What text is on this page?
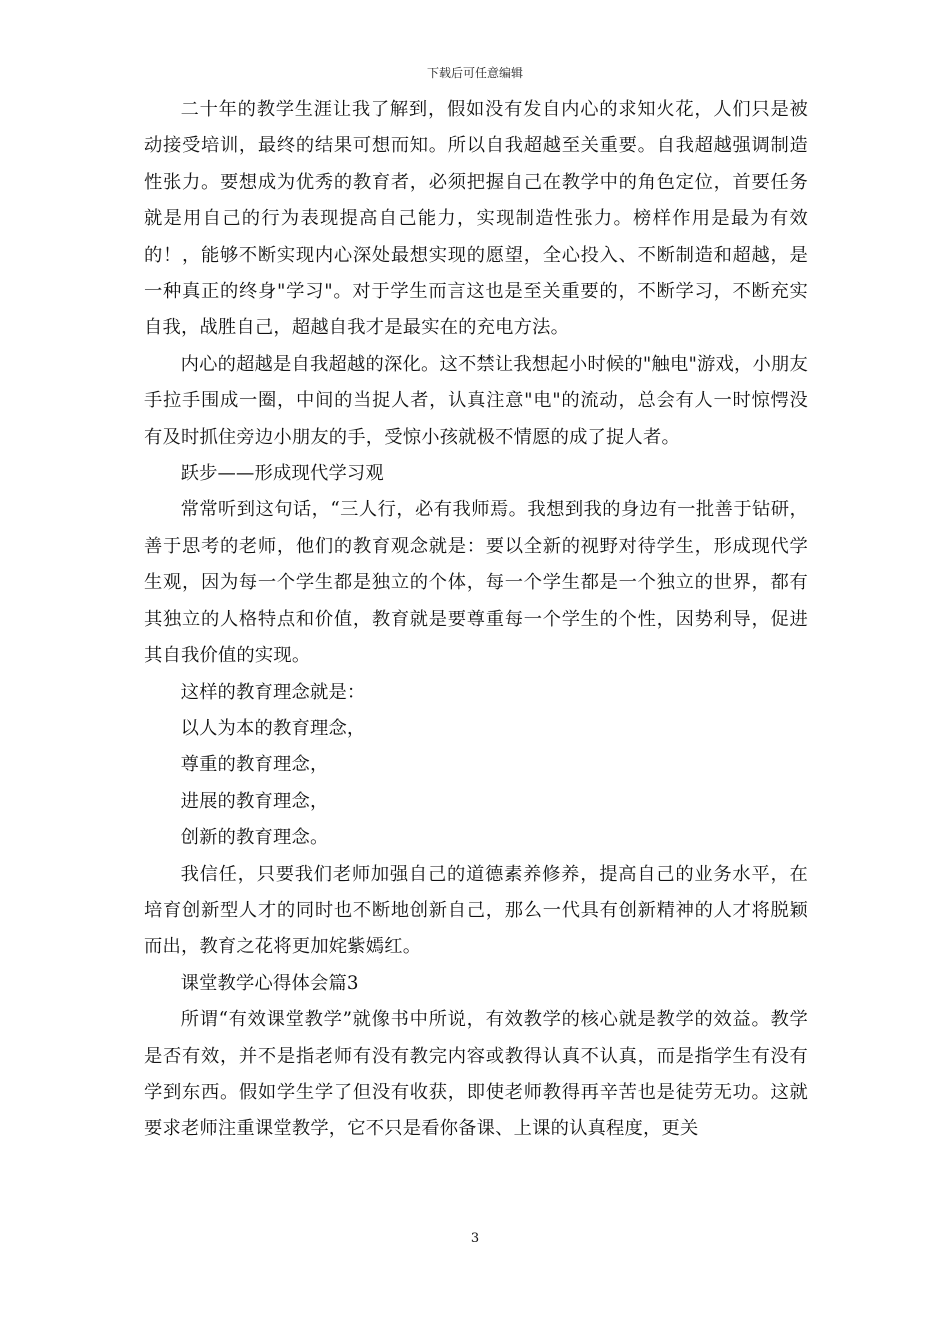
下载后可任意编辑

二十年的教学生涯让我了解到，假如没有发自内心的求知火花，人们只是被动接受培训，最终的结果可想而知。所以自我超越至关重要。自我超越强调制造性张力。要想成为优秀的教育者，必须把握自己在教学中的角色定位，首要任务就是用自己的行为表现提高自己能力，实现制造性张力。榜样作用是最为有效的！，能够不断实现内心深处最想实现的愿望，全心投入、不断制造和超越，是一种真正的终身"学习"。对于学生而言这也是至关重要的，不断学习，不断充实自我，战胜自己，超越自我才是最实在的充电方法。

内心的超越是自我超越的深化。这不禁让我想起小时候的"触电"游戏，小朋友手拉手围成一圈，中间的当捉人者，认真注意"电"的流动，总会有人一时惊愕没有及时抓住旁边小朋友的手，受惊小孩就极不情愿的成了捉人者。

跃步——形成现代学习观

常常听到这句话，“三人行，必有我师焉。我想到我的身边有一批善于钻研，善于思考的老师，他们的教育观念就是：要以全新的视野对待学生，形成现代学生观，因为每一个学生都是独立的个体，每一个学生都是一个独立的世界，都有其独立的人格特点和价值，教育就是要尊重每一个学生的个性，因势利导，促进其自我价值的实现。

这样的教育理念就是：

以人为本的教育理念，

尊重的教育理念，

进展的教育理念，

创新的教育理念。

我信任，只要我们老师加强自己的道德素养修养，提高自己的业务水平，在培育创新型人才的同时也不断地创新自己，那么一代具有创新精神的人才将脱颖而出，教育之花将更加姹紫嫣红。

课堂教学心得体会篇3

所谓“有效课堂教学”就像书中所说，有效教学的核心就是教学的效益。教学是否有效，并不是指老师有没有教完内容或教得认真不认真，而是指学生有没有学到东西。假如学生学了但没有收获，即使老师教得再辛苦也是徒劳无功。这就要求老师注重课堂教学，它不只是看你备课、上课的认真程度，更关

3
